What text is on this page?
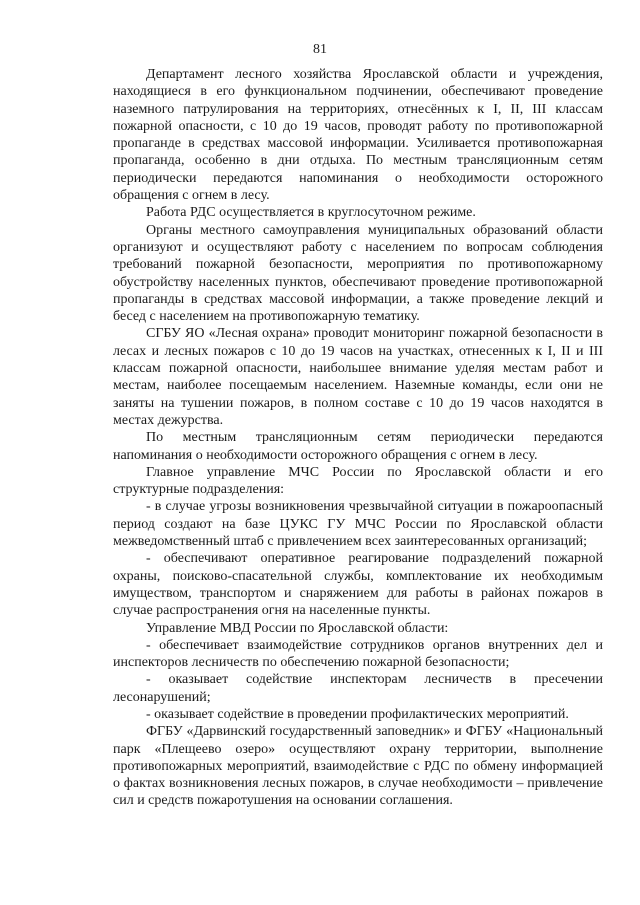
81

Департамент лесного хозяйства Ярославской области и учреждения, находящиеся в его функциональном подчинении, обеспечивают проведение наземного патрулирования на территориях, отнесённых к I, II, III классам пожарной опасности, с 10 до 19 часов, проводят работу по противопожарной пропаганде в средствах массовой информации. Усиливается противопожарная пропаганда, особенно в дни отдыха. По местным трансляционным сетям периодически передаются напоминания о необходимости осторожного обращения с огнем в лесу.

Работа РДС осуществляется в круглосуточном режиме.

Органы местного самоуправления муниципальных образований области организуют и осуществляют работу с населением по вопросам соблюдения требований пожарной безопасности, мероприятия по противопожарному обустройству населенных пунктов, обеспечивают проведение противопожарной пропаганды в средствах массовой информации, а также проведение лекций и бесед с населением на противопожарную тематику.

СГБУ ЯО «Лесная охрана» проводит мониторинг пожарной безопасности в лесах и лесных пожаров с 10 до 19 часов на участках, отнесенных к I, II и III классам пожарной опасности, наибольшее внимание уделяя местам работ и местам, наиболее посещаемым населением. Наземные команды, если они не заняты на тушении пожаров, в полном составе с 10 до 19 часов находятся в местах дежурства.

По местным трансляционным сетям периодически передаются напоминания о необходимости осторожного обращения с огнем в лесу.

Главное управление МЧС России по Ярославской области и его структурные подразделения:

- в случае угрозы возникновения чрезвычайной ситуации в пожароопасный период создают на базе ЦУКС ГУ МЧС России по Ярославской области межведомственный штаб с привлечением всех заинтересованных организаций;

- обеспечивают оперативное реагирование подразделений пожарной охраны, поисково-спасательной службы, комплектование их необходимым имуществом, транспортом и снаряжением для работы в районах пожаров в случае распространения огня на населенные пункты.

Управление МВД России по Ярославской области:

- обеспечивает взаимодействие сотрудников органов внутренних дел и инспекторов лесничеств по обеспечению пожарной безопасности;

- оказывает содействие инспекторам лесничеств в пресечении лесонарушений;

- оказывает содействие в проведении профилактических мероприятий.

ФГБУ «Дарвинский государственный заповедник» и ФГБУ «Национальный парк «Плещеево озеро» осуществляют охрану территории, выполнение противопожарных мероприятий, взаимодействие с РДС по обмену информацией о фактах возникновения лесных пожаров, в случае необходимости – привлечение сил и средств пожаротушения на основании соглашения.
